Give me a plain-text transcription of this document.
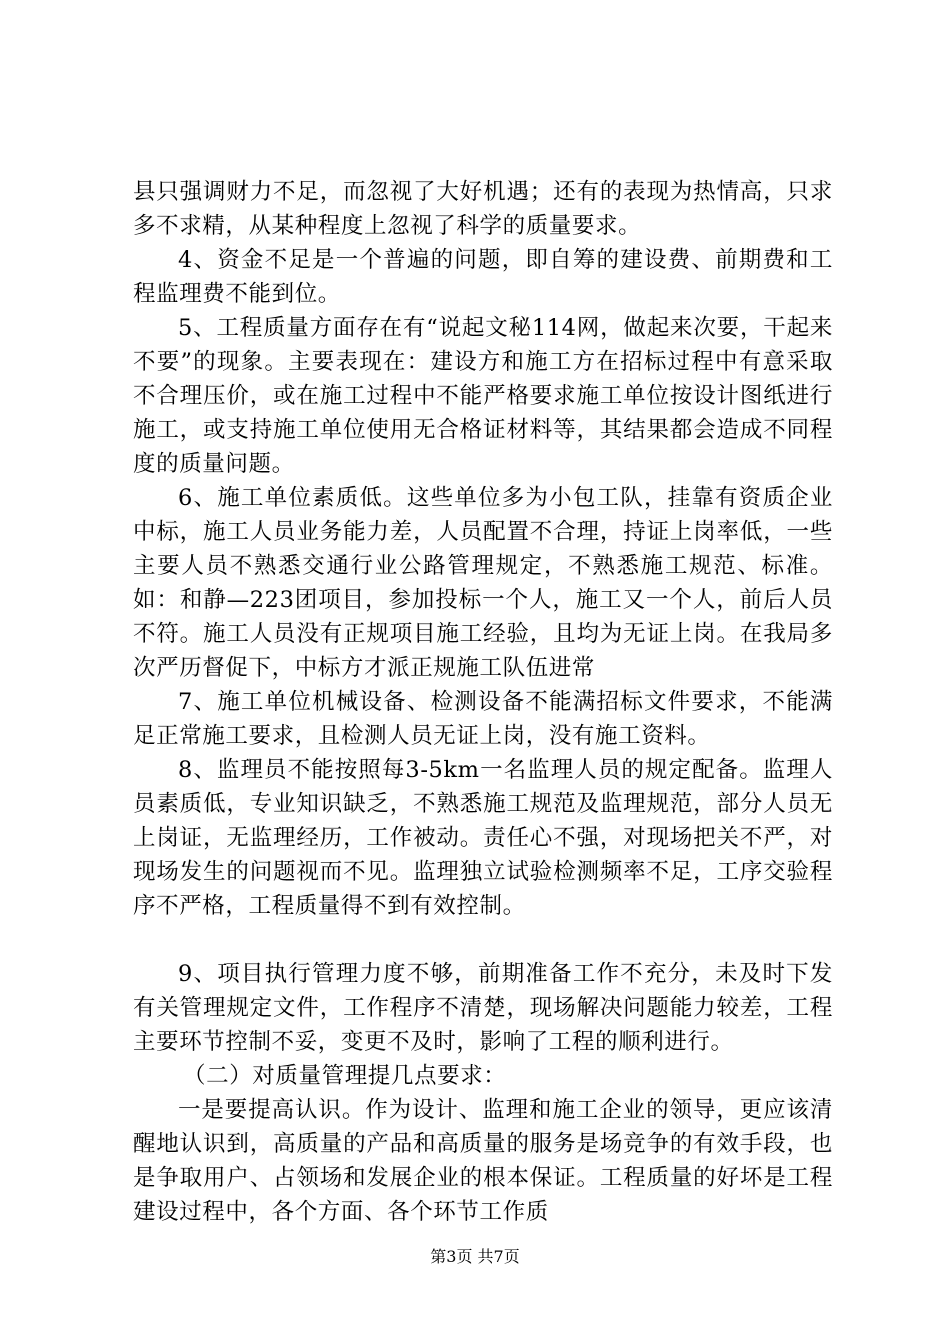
县只强调财力不足，而忽视了大好机遇；还有的表现为热情高，只求多不求精，从某种程度上忽视了科学的质量要求。

4、资金不足是一个普遍的问题，即自筹的建设费、前期费和工程监理费不能到位。

5、工程质量方面存在有“说起文秘114网，做起来次要，干起来不要”的现象。主要表现在：建设方和施工方在招标过程中有意采取不合理压价，或在施工过程中不能严格要求施工单位按设计图纸进行施工，或支持施工单位使用无合格证材料等，其结果都会造成不同程度的质量问题。

6、施工单位素质低。这些单位多为小包工队，挂靠有资质企业中标，施工人员业务能力差，人员配置不合理，持证上岗率低，一些主要人员不熟悉交通行业公路管理规定，不熟悉施工规范、标准。如：和静—223团项目，参加投标一个人，施工又一个人，前后人员不符。施工人员没有正规项目施工经验，且均为无证上岗。在我局多次严历督促下，中标方才派正规施工队伍进常

7、施工单位机械设备、检测设备不能满招标文件要求，不能满足正常施工要求，且检测人员无证上岗，没有施工资料。

8、监理员不能按照每3-5km一名监理人员的规定配备。监理人员素质低，专业知识缺乏，不熟悉施工规范及监理规范，部分人员无上岗证，无监理经历，工作被动。责任心不强，对现场把关不严，对现场发生的问题视而不见。监理独立试验检测频率不足，工序交验程序不严格，工程质量得不到有效控制。

9、项目执行管理力度不够，前期准备工作不充分，未及时下发有关管理规定文件，工作程序不清楚，现场解决问题能力较差，工程主要环节控制不妥，变更不及时，影响了工程的顺利进行。

（二）对质量管理提几点要求：

一是要提高认识。作为设计、监理和施工企业的领导，更应该清醒地认识到，高质量的产品和高质量的服务是场竞争的有效手段，也是争取用户、占领场和发展企业的根本保证。工程质量的好坏是工程建设过程中，各个方面、各个环节工作质

第3页 共7页
